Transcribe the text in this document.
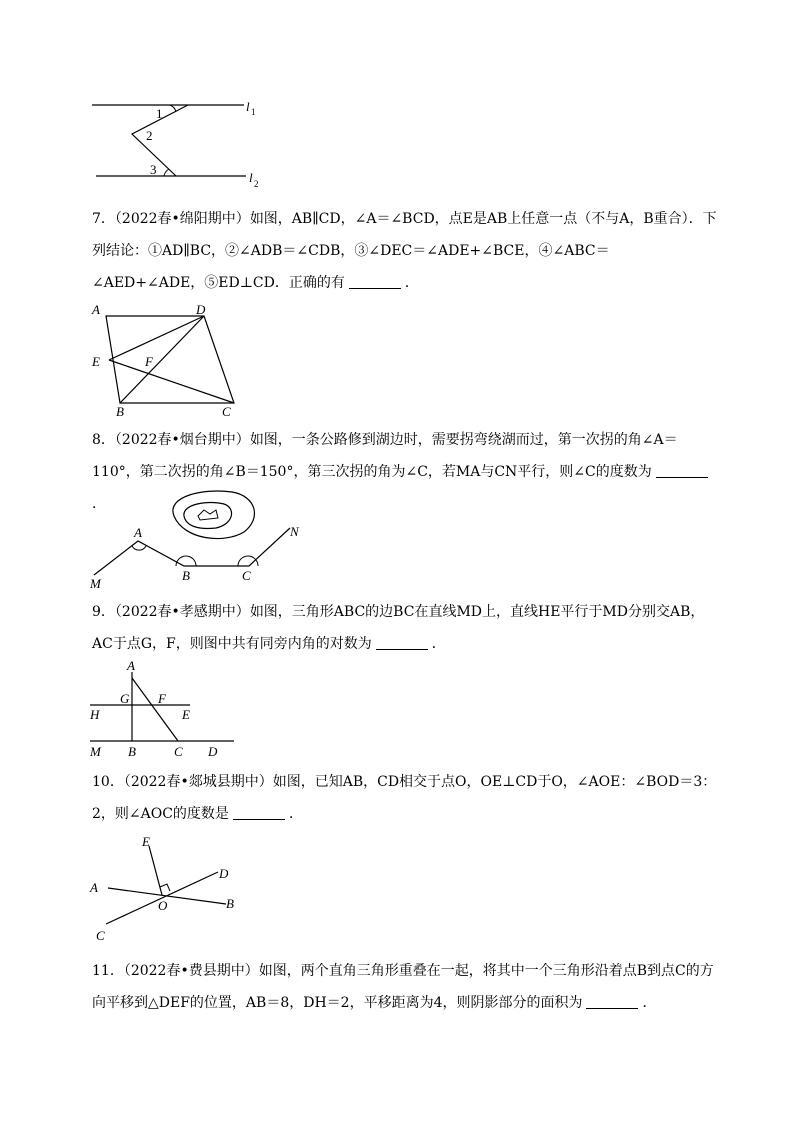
1
2
3
l 1
l 2
7．（2022春•绵阳期中）如图，AB∥CD，∠A＝∠BCD，点E是AB上任意一点（不与A，B重合）．下列结论：①AD∥BC，②∠ADB＝∠CDB，③∠DEC＝∠ADE+∠BCE，④∠ABC＝∠AED+∠ADE，⑤ED⊥CD．正确的有	．
A	D
E	F
B	C
8．（2022春•烟台期中）如图，一条公路修到湖边时，需要拐弯绕湖而过，第一次拐的角∠A＝110°，第二次拐的角∠B＝150°，第三次拐的角为∠C，若MA与CN平行，则∠C的度数为．
A	N
M
B	C
9．（2022春•孝感期中）如图，三角形ABC的边BC在直线MD上，直线HE平行于MD分别交AB，AC于点G，F，则图中共有同旁内角的对数为	．
A
G F
H	E
M B	C D
10．（2022春•郯城县期中）如图，已知AB，CD相交于点O，OE⊥CD于O，∠AOE：∠BOD＝3：2，则∠AOC的度数是	．
E
D
A
O	B
C
11．（2022春•费县期中）如图，两个直角三角形重叠在一起，将其中一个三角形沿着点B到点C的方向平移到△DEF的位置，AB＝8，DH＝2，平移距离为4，则阴影部分的面积为	．
